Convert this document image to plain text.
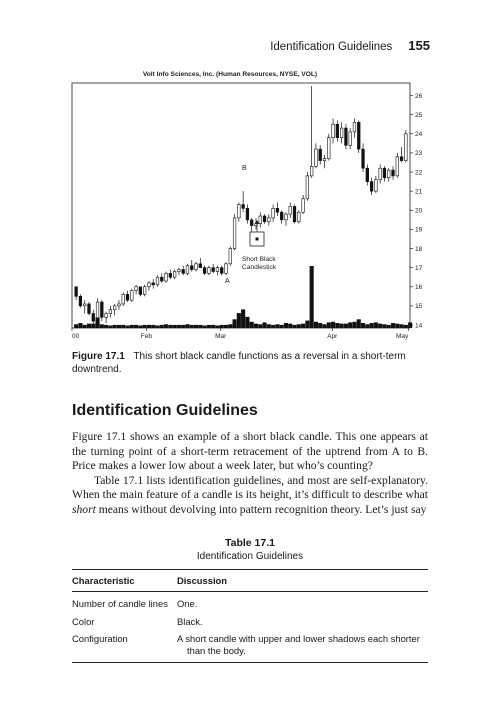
Identification Guidelines 155
Volt Info Sciences, Inc. (Human Resources, NYSE, VOL)
26
25
24
23
22
21
20
19
18
17
16
15
14
00	Feb	Mar	Apr	May
A
B
Short Black Candlestick
Figure 17.1 This short black candle functions as a reversal in a short-term downtrend.
Identification Guidelines

Figure 17.1 shows an example of a short black candle. This one appears at the turning point of a short-term retracement of the uptrend from A to B. Price makes a lower low about a week later, but who’s counting?

Table 17.1 lists identification guidelines, and most are self-explanatory. When the main feature of a candle is its height, it’s difficult to describe what short means without devolving into pattern recognition theory. Let’s just say

Table 17.1
Identification Guidelines
Characteristic	Discussion
Number of candle lines	One.
Color	Black.
Configuration	A short candle with upper and lower shadows each shorter than the body.
